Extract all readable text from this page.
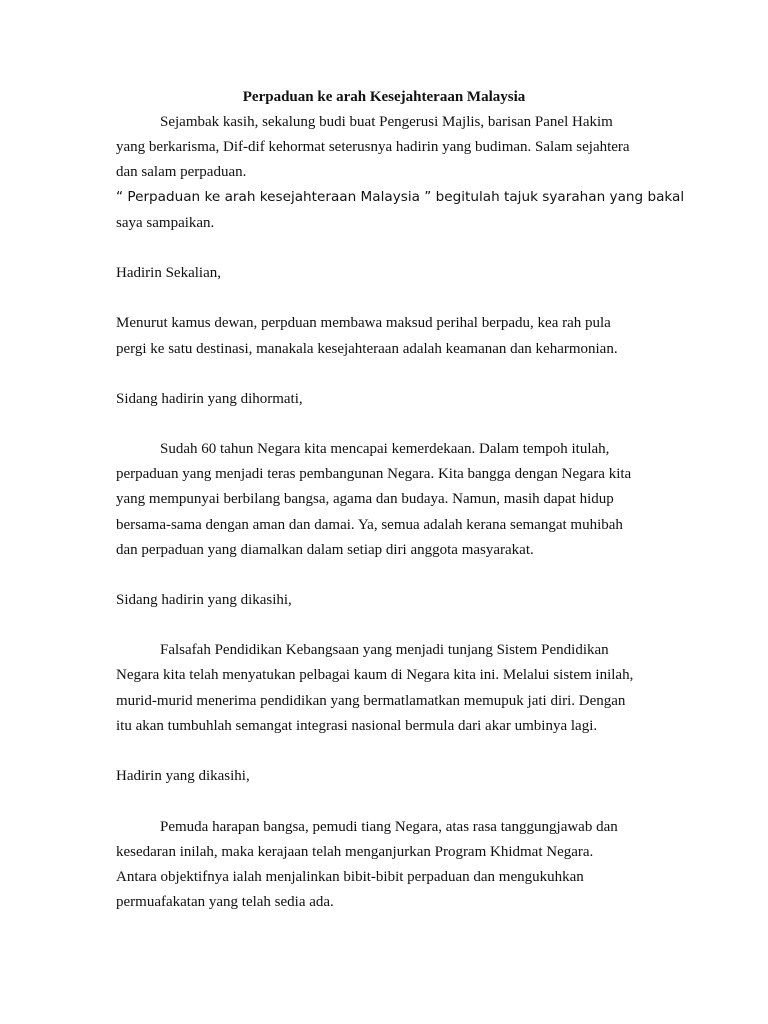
Perpaduan ke arah Kesejahteraan Malaysia
Sejambak kasih, sekalung budi buat Pengerusi Majlis, barisan Panel Hakim
yang berkarisma, Dif-dif kehormat seterusnya hadirin yang budiman. Salam sejahtera
dan salam perpaduan.
“ Perpaduan ke arah kesejahteraan Malaysia ” begitulah tajuk syarahan yang bakal
saya sampaikan.
Hadirin Sekalian,
Menurut kamus dewan, perpduan membawa maksud perihal berpadu, kea rah pula
pergi ke satu destinasi, manakala kesejahteraan adalah keamanan dan keharmonian.
Sidang hadirin yang dihormati,
Sudah 60 tahun Negara kita mencapai kemerdekaan. Dalam tempoh itulah,
perpaduan yang menjadi teras pembangunan Negara. Kita bangga dengan Negara kita
yang mempunyai berbilang bangsa, agama dan budaya. Namun, masih dapat hidup
bersama-sama dengan aman dan damai. Ya, semua adalah kerana semangat muhibah
dan perpaduan yang diamalkan dalam setiap diri anggota masyarakat.
Sidang hadirin yang dikasihi,
Falsafah Pendidikan Kebangsaan yang menjadi tunjang Sistem Pendidikan
Negara kita telah menyatukan pelbagai kaum di Negara kita ini. Melalui sistem inilah,
murid-murid menerima pendidikan yang bermatlamatkan memupuk jati diri. Dengan
itu akan tumbuhlah semangat integrasi nasional bermula dari akar umbinya lagi.
Hadirin yang dikasihi,
Pemuda harapan bangsa, pemudi tiang Negara, atas rasa tanggungjawab dan
kesedaran inilah, maka kerajaan telah menganjurkan Program Khidmat Negara.
Antara objektifnya ialah menjalinkan bibit-bibit perpaduan dan mengukuhkan
permuafakatan yang telah sedia ada.
